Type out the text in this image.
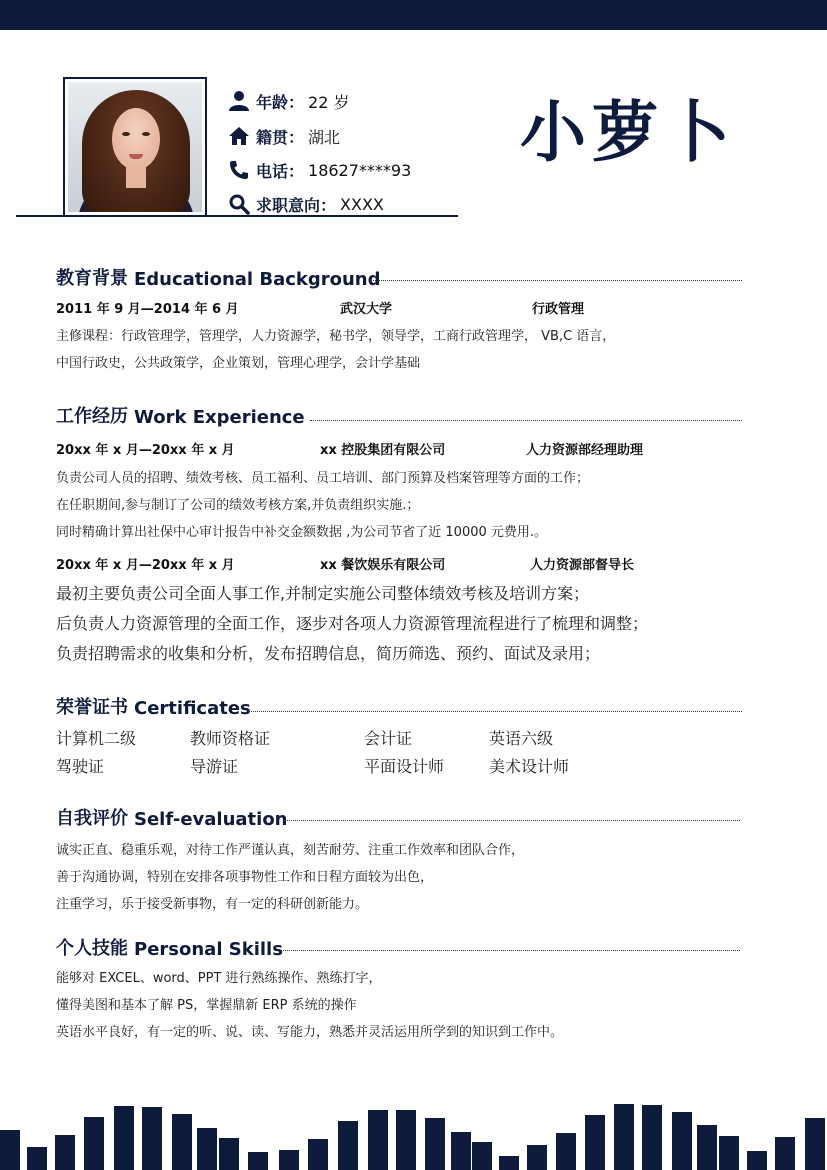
年龄： 22 岁
籍贯： 湖北
电话： 18627****93
求职意向： XXXX
小萝卜
教育背景 Educational Background
2011 年 9 月—2014 年 6 月	武汉大学	行政管理
主修课程：行政管理学，管理学，人力资源学，秘书学，领导学，工商行政管理学， VB,C 语言，
中国行政史，公共政策学，企业策划，管理心理学，会计学基础
工作经历 Work Experience
20xx 年 x 月—20xx 年 x 月	xx 控股集团有限公司	人力资源部经理助理
负责公司人员的招聘、绩效考核、员工福利、员工培训、部门预算及档案管理等方面的工作；
在任职期间,参与制订了公司的绩效考核方案,并负责组织实施.；
同时精确计算出社保中心审计报告中补交金额数据 ,为公司节省了近 10000 元费用.。
20xx 年 x 月—20xx 年 x 月	xx 餐饮娱乐有限公司	人力资源部督导长
最初主要负责公司全面人事工作,并制定实施公司整体绩效考核及培训方案；
后负责人力资源管理的全面工作，逐步对各项人力资源管理流程进行了梳理和调整；
负责招聘需求的收集和分析，发布招聘信息，简历筛选、预约、面试及录用；
荣誉证书 Certificates
计算机二级	教师资格证	会计证	英语六级
驾驶证	导游证	平面设计师	美术设计师
自我评价 Self-evaluation
诚实正直、稳重乐观，对待工作严谨认真，刻苦耐劳、注重工作效率和团队合作，
善于沟通协调，特别在安排各项事物性工作和日程方面较为出色，
注重学习，乐于接受新事物，有一定的科研创新能力。
个人技能 Personal Skills
能够对 EXCEL、word、PPT 进行熟练操作、熟练打字，
懂得美图和基本了解 PS，掌握鼎新 ERP 系统的操作
英语水平良好，有一定的听、说、读、写能力，熟悉并灵活运用所学到的知识到工作中。
